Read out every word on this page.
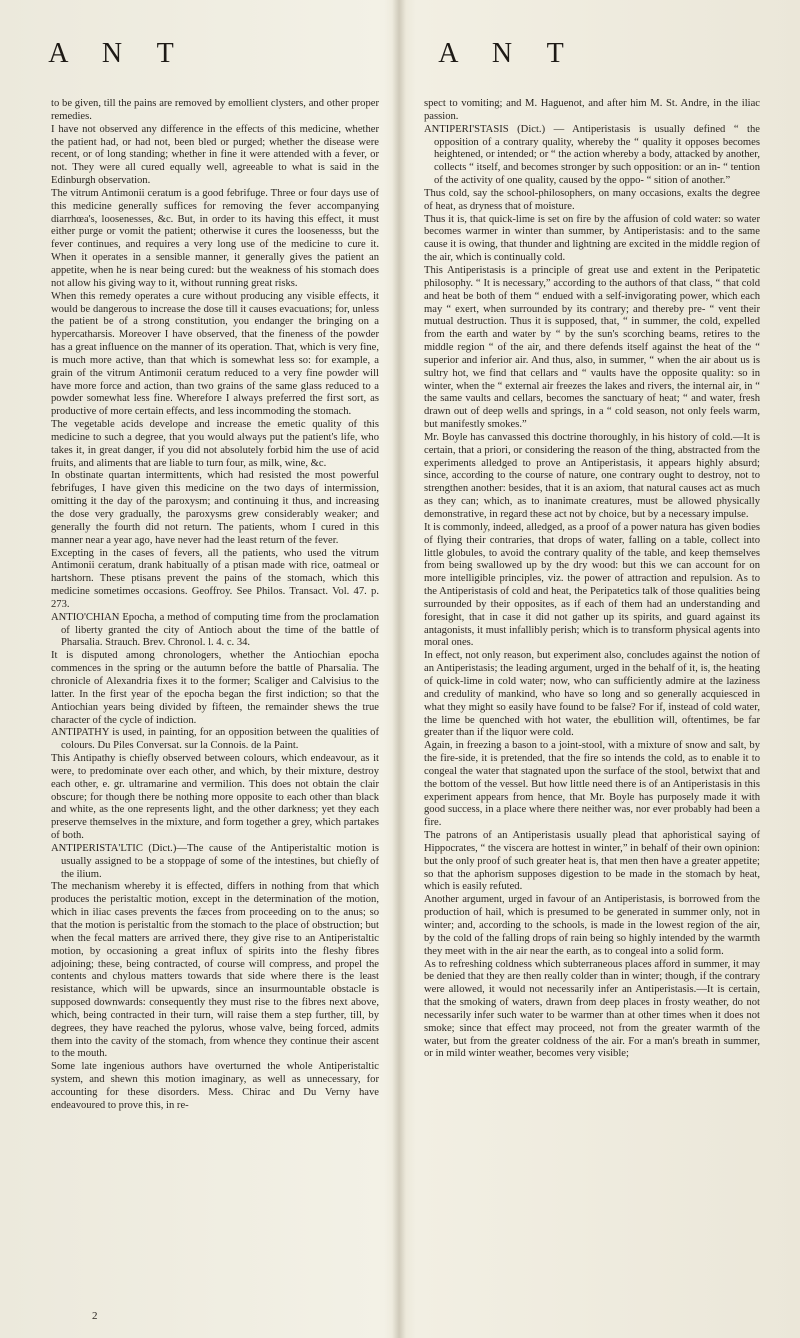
A N T	A N T

to be given, till the pains are removed by emollient clysters, and other proper remedies.

I have not observed any difference in the effects of this medicine, whether the patient had, or had not, been bled or purged; whether the disease were recent, or of long standing; whether in fine it were attended with a fever, or not. They were all cured equally well, agreeable to what is said in the Edinburgh observation.

The vitrum Antimonii ceratum is a good febrifuge. Three or four days use of this medicine generally suffices for removing the fever accompanying diarrhœa's, loosenesses, &c. But, in order to its having this effect, it must either purge or vomit the patient; otherwise it cures the loosenesss, but the fever continues, and requires a very long use of the medicine to cure it. When it operates in a sensible manner, it generally gives the patient an appetite, when he is near being cured: but the weakness of his stomach does not allow his giving way to it, without running great risks.

When this remedy operates a cure without producing any visible effects, it would be dangerous to increase the dose till it causes evacuations; for, unless the patient be of a strong constitution, you endanger the bringing on a hypercatharsis. Moreover I have observed, that the fineness of the powder has a great influence on the manner of its operation. That, which is very fine, is much more active, than that which is somewhat less so: for example, a grain of the vitrum Antimonii ceratum reduced to a very fine powder will have more force and action, than two grains of the same glass reduced to a powder somewhat less fine. Wherefore I always preferred the first sort, as productive of more certain effects, and less incommoding the stomach.

The vegetable acids develope and increase the emetic quality of this medicine to such a degree, that you would always put the patient's life, who takes it, in great danger, if you did not absolutely forbid him the use of acid fruits, and aliments that are liable to turn four, as milk, wine, &c.

In obstinate quartan intermittents, which had resisted the most powerful febrifuges, I have given this medicine on the two days of intermission, omitting it the day of the paroxysm; and continuing it thus, and increasing the dose very gradually, the paroxysms grew considerably weaker; and generally the fourth did not return. The patients, whom I cured in this manner near a year ago, have never had the least return of the fever.

Excepting in the cases of fevers, all the patients, who used the vitrum Antimonii ceratum, drank habitually of a ptisan made with rice, oatmeal or hartshorn. These ptisans prevent the pains of the stomach, which this medicine sometimes occasions. Geoffroy. See Philos. Transact. Vol. 47. p. 273.

ANTIO'CHIAN Epocha, a method of computing time from the proclamation of liberty granted the city of Antioch about the time of the battle of Pharsalia. Strauch. Brev. Chronol. l. 4. c. 34.

It is disputed among chronologers, whether the Antiochian epocha commences in the spring or the autumn before the battle of Pharsalia. The chronicle of Alexandria fixes it to the former; Scaliger and Calvisius to the latter. In the first year of the epocha began the first indiction; so that the Antiochian years being divided by fifteen, the remainder shews the true character of the cycle of indiction.

ANTIPATHY is used, in painting, for an opposition between the qualities of colours. Du Piles Conversat. sur la Connois. de la Paint.

This Antipathy is chiefly observed between colours, which endeavour, as it were, to predominate over each other, and which, by their mixture, destroy each other, e. gr. ultramarine and vermilion. This does not obtain the clair obscure; for though there be nothing more opposite to each other than black and white, as the one represents light, and the other darkness; yet they each preserve themselves in the mixture, and form together a grey, which partakes of both.

ANTIPERISTA'LTIC (Dict.)—The cause of the Antiperistaltic motion is usually assigned to be a stoppage of some of the intestines, but chiefly of the ilium.

The mechanism whereby it is effected, differs in nothing from that which produces the peristaltic motion, except in the determination of the motion, which in iliac cases prevents the fæces from proceeding on to the anus; so that the motion is peristaltic from the stomach to the place of obstruction; but when the fecal matters are arrived there, they give rise to an Antiperistaltic motion, by occasioning a great influx of spirits into the fleshy fibres adjoining; these, being contracted, of course will compress, and propel the contents and chylous matters towards that side where there is the least resistance, which will be upwards, since an insurmountable obstacle is supposed downwards: consequently they must rise to the fibres next above, which, being contracted in their turn, will raise them a step further, till, by degrees, they have reached the pylorus, whose valve, being forced, admits them into the cavity of the stomach, from whence they continue their ascent to the mouth.

Some late ingenious authors have overturned the whole Antiperistaltic system, and shewn this motion imaginary, as well as unnecessary, for accounting for these disorders. Mess. Chirac and Du Verny have endeavoured to prove this, in re-

spect to vomiting; and M. Haguenot, and after him M. St. Andre, in the iliac passion.

ANTIPERI'STASIS (Dict.) — Antiperistasis is usually defined “ the opposition of a contrary quality, whereby the “ quality it opposes becomes heightened, or intended; or “ the action whereby a body, attacked by another, collects “ itself, and becomes stronger by such opposition: or an in- “ tention of the activity of one quality, caused by the oppo- “ sition of another.”

Thus cold, say the school-philosophers, on many occasions, exalts the degree of heat, as dryness that of moisture.

Thus it is, that quick-lime is set on fire by the affusion of cold water: so water becomes warmer in winter than summer, by Antiperistasis: and to the same cause it is owing, that thunder and lightning are excited in the middle region of the air, which is continually cold.

This Antiperistasis is a principle of great use and extent in the Peripatetic philosophy. “ It is necessary,” according to the authors of that class, “ that cold and heat be both of them “ endued with a self-invigorating power, which each may “ exert, when surrounded by its contrary; and thereby pre- “ vent their mutual destruction. Thus it is supposed, that, “ in summer, the cold, expelled from the earth and water by “ by the sun's scorching beams, retires to the middle region “ of the air, and there defends itself against the heat of the “ superior and inferior air. And thus, also, in summer, “ when the air about us is sultry hot, we find that cellars and “ vaults have the opposite quality: so in winter, when the “ external air freezes the lakes and rivers, the internal air, in “ the same vaults and cellars, becomes the sanctuary of heat; “ and water, fresh drawn out of deep wells and springs, in a “ cold season, not only feels warm, but manifestly smokes.”

Mr. Boyle has canvassed this doctrine thoroughly, in his history of cold.—It is certain, that a priori, or considering the reason of the thing, abstracted from the experiments alledged to prove an Antiperistasis, it appears highly absurd; since, according to the course of nature, one contrary ought to destroy, not to strengthen another: besides, that it is an axiom, that natural causes act as much as they can; which, as to inanimate creatures, must be allowed physically demonstrative, in regard these act not by choice, but by a necessary impulse.

It is commonly, indeed, alledged, as a proof of a power natura has given bodies of flying their contraries, that drops of water, falling on a table, collect into little globules, to avoid the contrary quality of the table, and keep themselves from being swallowed up by the dry wood: but this we can account for on more intelligible principles, viz. the power of attraction and repulsion. As to the Antiperistasis of cold and heat, the Peripatetics talk of those qualities being surrounded by their opposites, as if each of them had an understanding and foresight, that in case it did not gather up its spirits, and guard against its antagonists, it must infallibly perish; which is to transform physical agents into moral ones.

In effect, not only reason, but experiment also, concludes against the notion of an Antiperistasis; the leading argument, urged in the behalf of it, is, the heating of quick-lime in cold water; now, who can sufficiently admire at the laziness and credulity of mankind, who have so long and so generally acquiesced in what they might so easily have found to be false? For if, instead of cold water, the lime be quenched with hot water, the ebullition will, oftentimes, be far greater than if the liquor were cold.

Again, in freezing a bason to a joint-stool, with a mixture of snow and salt, by the fire-side, it is pretended, that the fire so intends the cold, as to enable it to congeal the water that stagnated upon the surface of the stool, betwixt that and the bottom of the vessel. But how little need there is of an Antiperistasis in this experiment appears from hence, that Mr. Boyle has purposely made it with good success, in a place where there neither was, nor ever probably had been a fire.

The patrons of an Antiperistasis usually plead that aphoristical saying of Hippocrates, “ the viscera are hottest in winter,” in behalf of their own opinion: but the only proof of such greater heat is, that men then have a greater appetite; so that the aphorism supposes digestion to be made in the stomach by heat, which is easily refuted.

Another argument, urged in favour of an Antiperistasis, is borrowed from the production of hail, which is presumed to be generated in summer only, not in winter; and, according to the schools, is made in the lowest region of the air, by the cold of the falling drops of rain being so highly intended by the warmth they meet with in the air near the earth, as to congeal into a solid form.

As to refreshing coldness which subterraneous places afford in summer, it may be denied that they are then really colder than in winter; though, if the contrary were allowed, it would not necessarily infer an Antiperistasis.—It is certain, that the smoking of waters, drawn from deep places in frosty weather, do not necessarily infer such water to be warmer than at other times when it does not smoke; since that effect may proceed, not from the greater warmth of the water, but from the greater coldness of the air. For a man's breath in summer, or in mild winter weather, becomes very visible;

2
